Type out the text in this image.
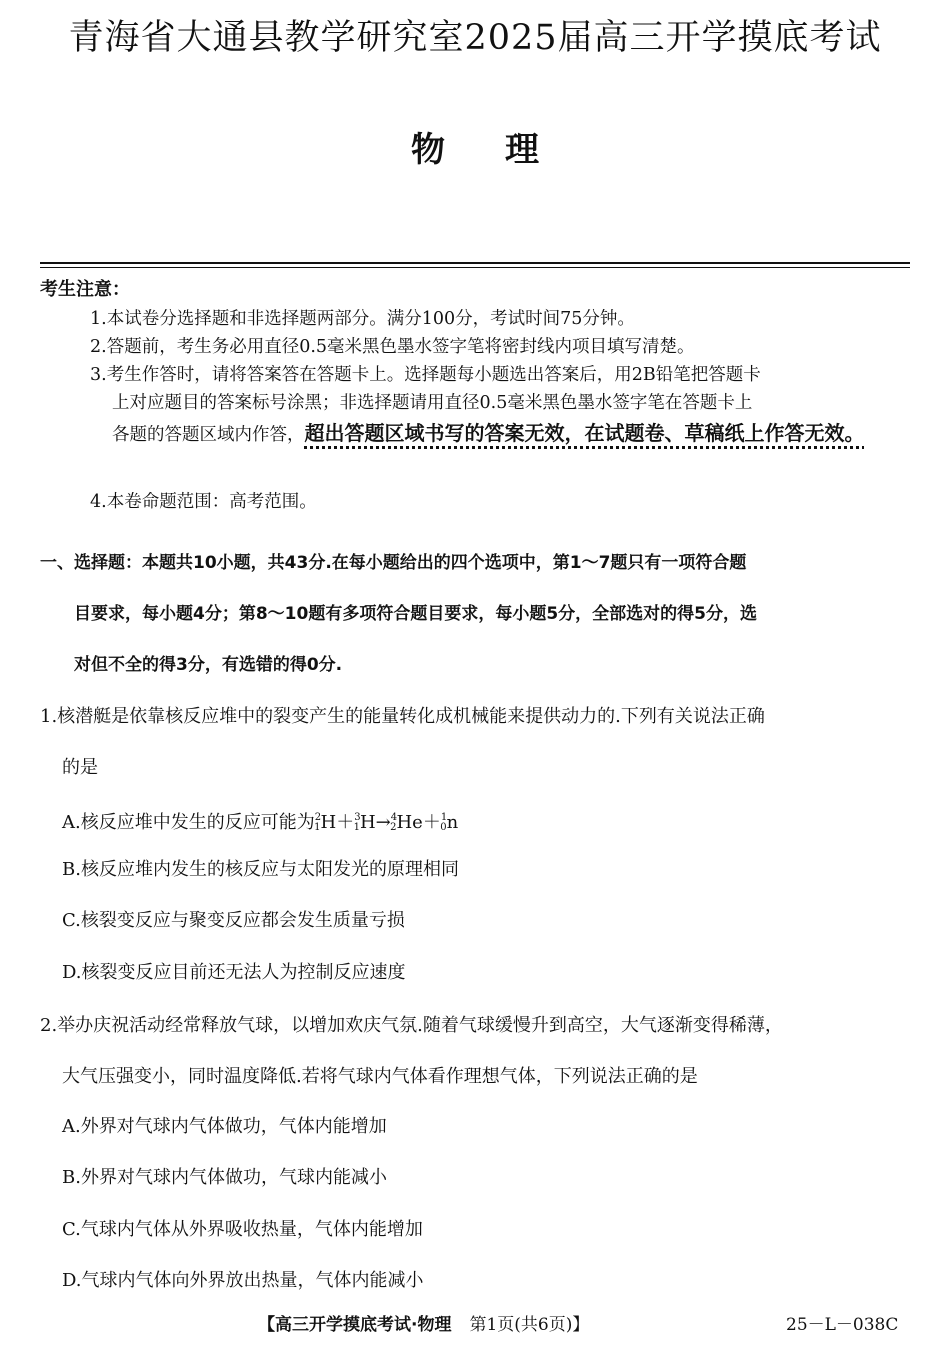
青海省大通县教学研究室2025届高三开学摸底考试
物理
考生注意：
1.本试卷分选择题和非选择题两部分。满分100分，考试时间75分钟。
2.答题前，考生务必用直径0.5毫米黑色墨水签字笔将密封线内项目填写清楚。
3.考生作答时，请将答案答在答题卡上。选择题每小题选出答案后，用2B铅笔把答题卡
上对应题目的答案标号涂黑；非选择题请用直径0.5毫米黑色墨水签字笔在答题卡上
各题的答题区域内作答，超出答题区域书写的答案无效，在试题卷、草稿纸上作答无效。
4.本卷命题范围：高考范围。
一、选择题：本题共10小题，共43分.在每小题给出的四个选项中，第1～7题只有一项符合题
目要求，每小题4分；第8～10题有多项符合题目要求，每小题5分，全部选对的得5分，选
对但不全的得3分，有选错的得0分.
1.核潜艇是依靠核反应堆中的裂变产生的能量转化成机械能来提供动力的.下列有关说法正确
的是
A.核反应堆中发生的反应可能为$^2_1$H＋$^3_1$H→$^4_2$He＋$^1_0$n
B.核反应堆内发生的核反应与太阳发光的原理相同
C.核裂变反应与聚变反应都会发生质量亏损
D.核裂变反应目前还无法人为控制反应速度
2.举办庆祝活动经常释放气球，以增加欢庆气氛.随着气球缓慢升到高空，大气逐渐变得稀薄，
大气压强变小，同时温度降低.若将气球内气体看作理想气体，下列说法正确的是
A.外界对气球内气体做功，气体内能增加
B.外界对气球内气体做功，气球内能减小
C.气球内气体从外界吸收热量，气体内能增加
D.气球内气体向外界放出热量，气体内能减小
【高三开学摸底考试·物理 第1页(共6页)】	25－L－038C
